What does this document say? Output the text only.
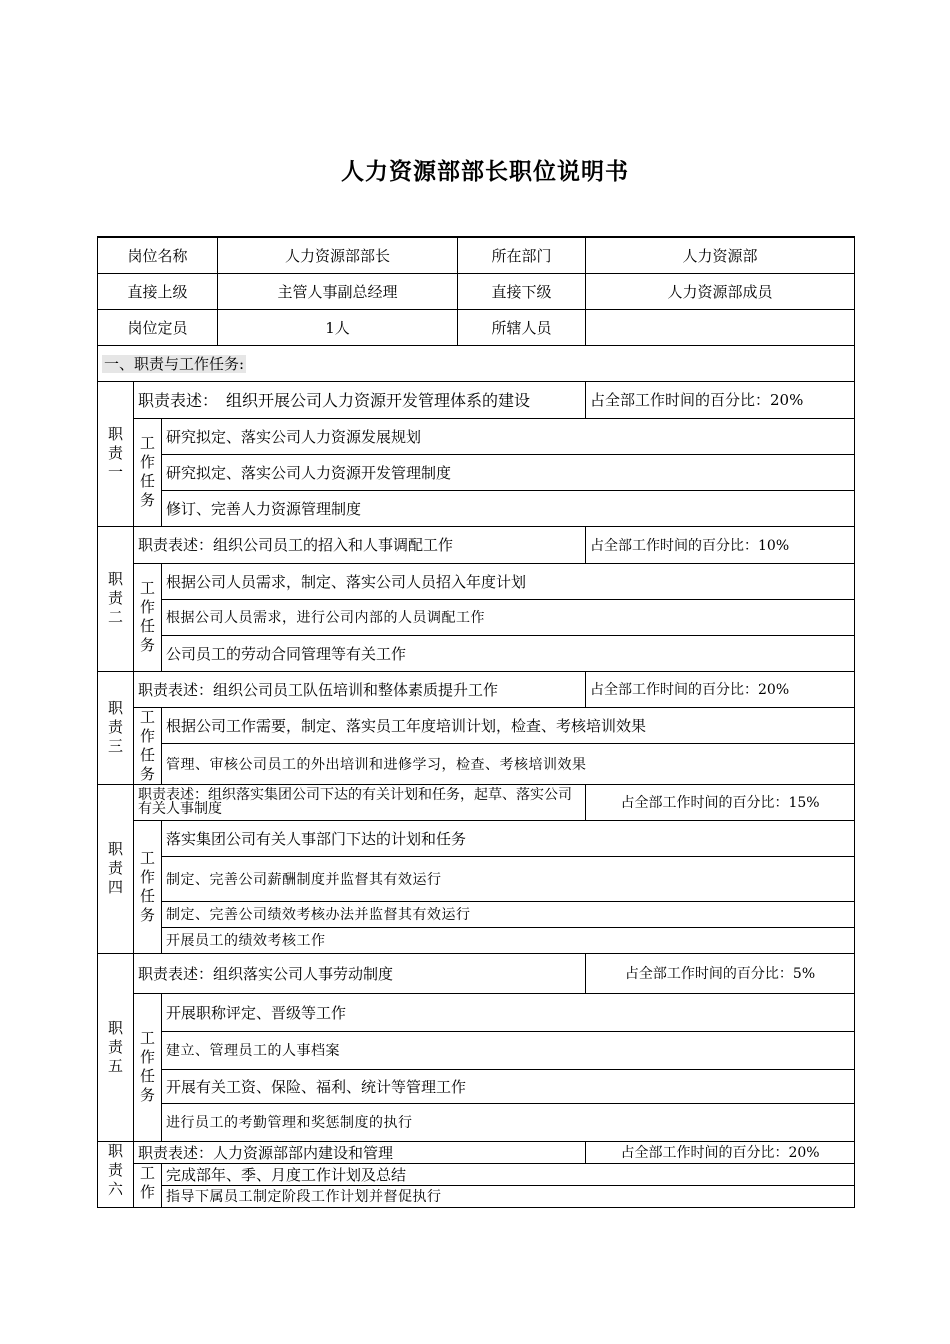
人力资源部部长职位说明书
岗位名称			人力资源部部长	所在部门	人力资源部
直接上级			主管人事副总经理	直接下级	人力资源部成员
岗位定员			1人	所辖人员	
一、职责与工作任务:					

职
责
一	职责表述：　组织开展公司人力资源开发管理体系的建设				占全部工作时间的百分比：20%

	工
作
任
务	研究拟定、落实公司人力资源发展规划			
		研究拟定、落实公司人力资源开发管理制度			
		修订、完善人力资源管理制度			

职
责
二	职责表述：组织公司员工的招入和人事调配工作				占全部工作时间的百分比：10%

	工
作
任
务	根据公司人员需求，制定、落实公司人员招入年度计划			
		根据公司人员需求，进行公司内部的人员调配工作			
		公司员工的劳动合同管理等有关工作			

职
责
三	职责表述：组织公司员工队伍培训和整体素质提升工作				占全部工作时间的百分比：20%

	工
作
任
务	根据公司工作需要，制定、落实员工年度培训计划，检查、考核培训效果			
		管理、审核公司员工的外出培训和进修学习，检查、考核培训效果			

职
责
四	职责表述：组织落实集团公司下达的有关计划和任务，起草、落实公司有关人事制度				占全部工作时间的百分比：15%

	工
作
任
务	落实集团公司有关人事部门下达的计划和任务			
		制定、完善公司薪酬制度并监督其有效运行			
		制定、完善公司绩效考核办法并监督其有效运行			
		开展员工的绩效考核工作			

职
责
五	职责表述：组织落实公司人事劳动制度				占全部工作时间的百分比：5%

	工
作
任
务	开展职称评定、晋级等工作			
		建立、管理员工的人事档案			
		开展有关工资、保险、福利、统计等管理工作			
		进行员工的考勤管理和奖惩制度的执行			

职
责
六	职责表述：人力资源部部内建设和管理				占全部工作时间的百分比：20%

	工
作	完成部年、季、月度工作计划及总结			
		指导下属员工制定阶段工作计划并督促执行			
